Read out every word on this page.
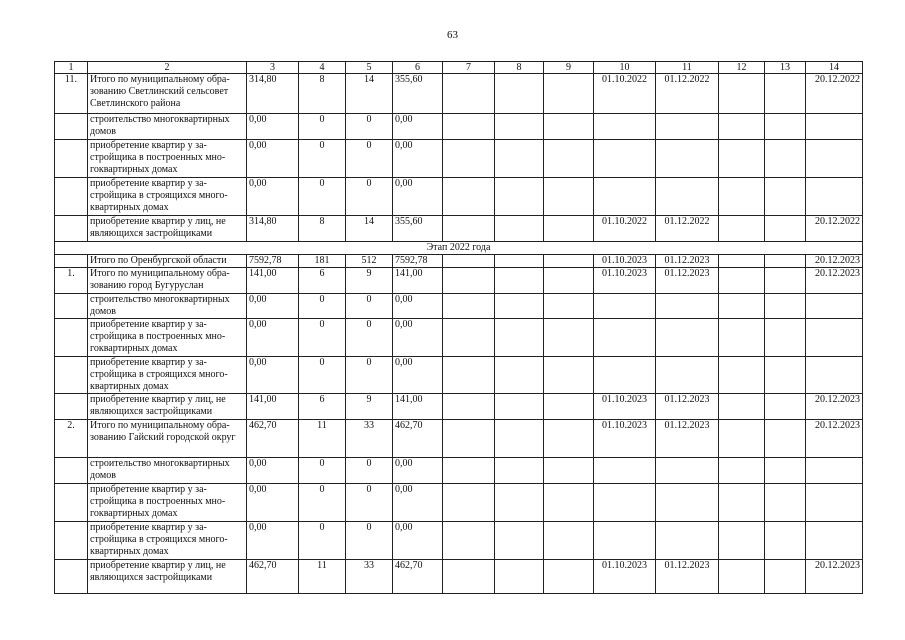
63
1	2	3	4	5	6	7	8	9	10	11	12	13	14
11.	Итого по муниципальному обра-зованию Светлинский сельсовет Светлинского района	314,80	8	14	355,60				01.10.2022	01.12.2022			20.12.2022
	строительство многоквартирных домов	0,00	0	0	0,00								
	приобретение квартир у за-стройщика в построенных мно-гоквартирных домах	0,00	0	0	0,00								
	приобретение квартир у за-стройщика в строящихся много-квартирных домах	0,00	0	0	0,00								
	приобретение квартир у лиц, не являющихся застройщиками	314,80	8	14	355,60				01.10.2022	01.12.2022			20.12.2022
Этап 2022 года													
	Итого по Оренбургской области	7592,78	181	512	7592,78				01.10.2023	01.12.2023			20.12.2023
1.	Итого по муниципальному обра-зованию город Бугуруслан	141,00	6	9	141,00				01.10.2023	01.12.2023			20.12.2023
	строительство многоквартирных домов	0,00	0	0	0,00								
	приобретение квартир у за-стройщика в построенных мно-гоквартирных домах	0,00	0	0	0,00								
	приобретение квартир у за-стройщика в строящихся много-квартирных домах	0,00	0	0	0,00								
	приобретение квартир у лиц, не являющихся застройщиками	141,00	6	9	141,00				01.10.2023	01.12.2023			20.12.2023
2.	Итого по муниципальному обра-зованию Гайский городской округ	462,70	11	33	462,70				01.10.2023	01.12.2023			20.12.2023
	строительство многоквартирных домов	0,00	0	0	0,00								
	приобретение квартир у за-стройщика в построенных мно-гоквартирных домах	0,00	0	0	0,00								
	приобретение квартир у за-стройщика в строящихся много-квартирных домах	0,00	0	0	0,00								
	приобретение квартир у лиц, не являющихся застройщиками	462,70	11	33	462,70				01.10.2023	01.12.2023			20.12.2023
